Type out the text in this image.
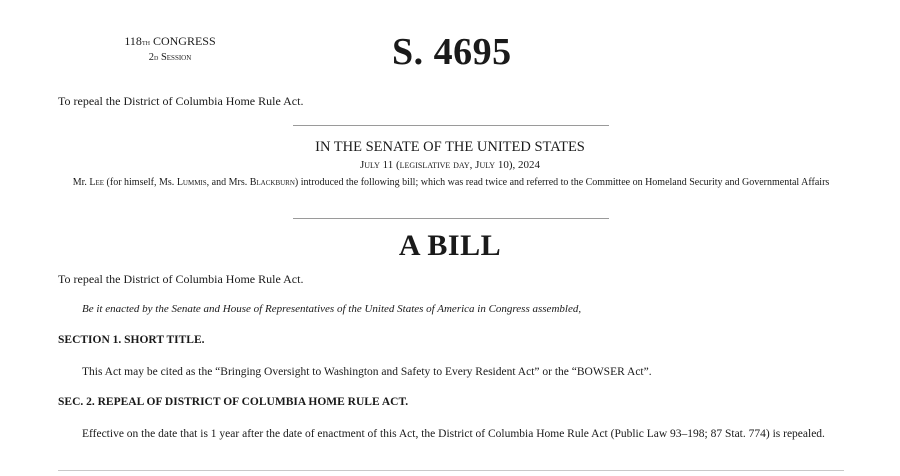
118th CONGRESS
2d Session	S. 4695
To repeal the District of Columbia Home Rule Act.
IN THE SENATE OF THE UNITED STATES
July 11 (legislative day, July 10), 2024
Mr. Lee (for himself, Ms. Lummis, and Mrs. Blackburn) introduced the following bill; which was read twice and referred to the Committee on Homeland Security and Governmental Affairs
A BILL
To repeal the District of Columbia Home Rule Act.
Be it enacted by the Senate and House of Representatives of the United States of America in Congress assembled,
SECTION 1. SHORT TITLE.
This Act may be cited as the “Bringing Oversight to Washington and Safety to Every Resident Act” or the “BOWSER Act”.
SEC. 2. REPEAL OF DISTRICT OF COLUMBIA HOME RULE ACT.
Effective on the date that is 1 year after the date of enactment of this Act, the District of Columbia Home Rule Act (Public Law 93–198; 87 Stat. 774) is repealed.
